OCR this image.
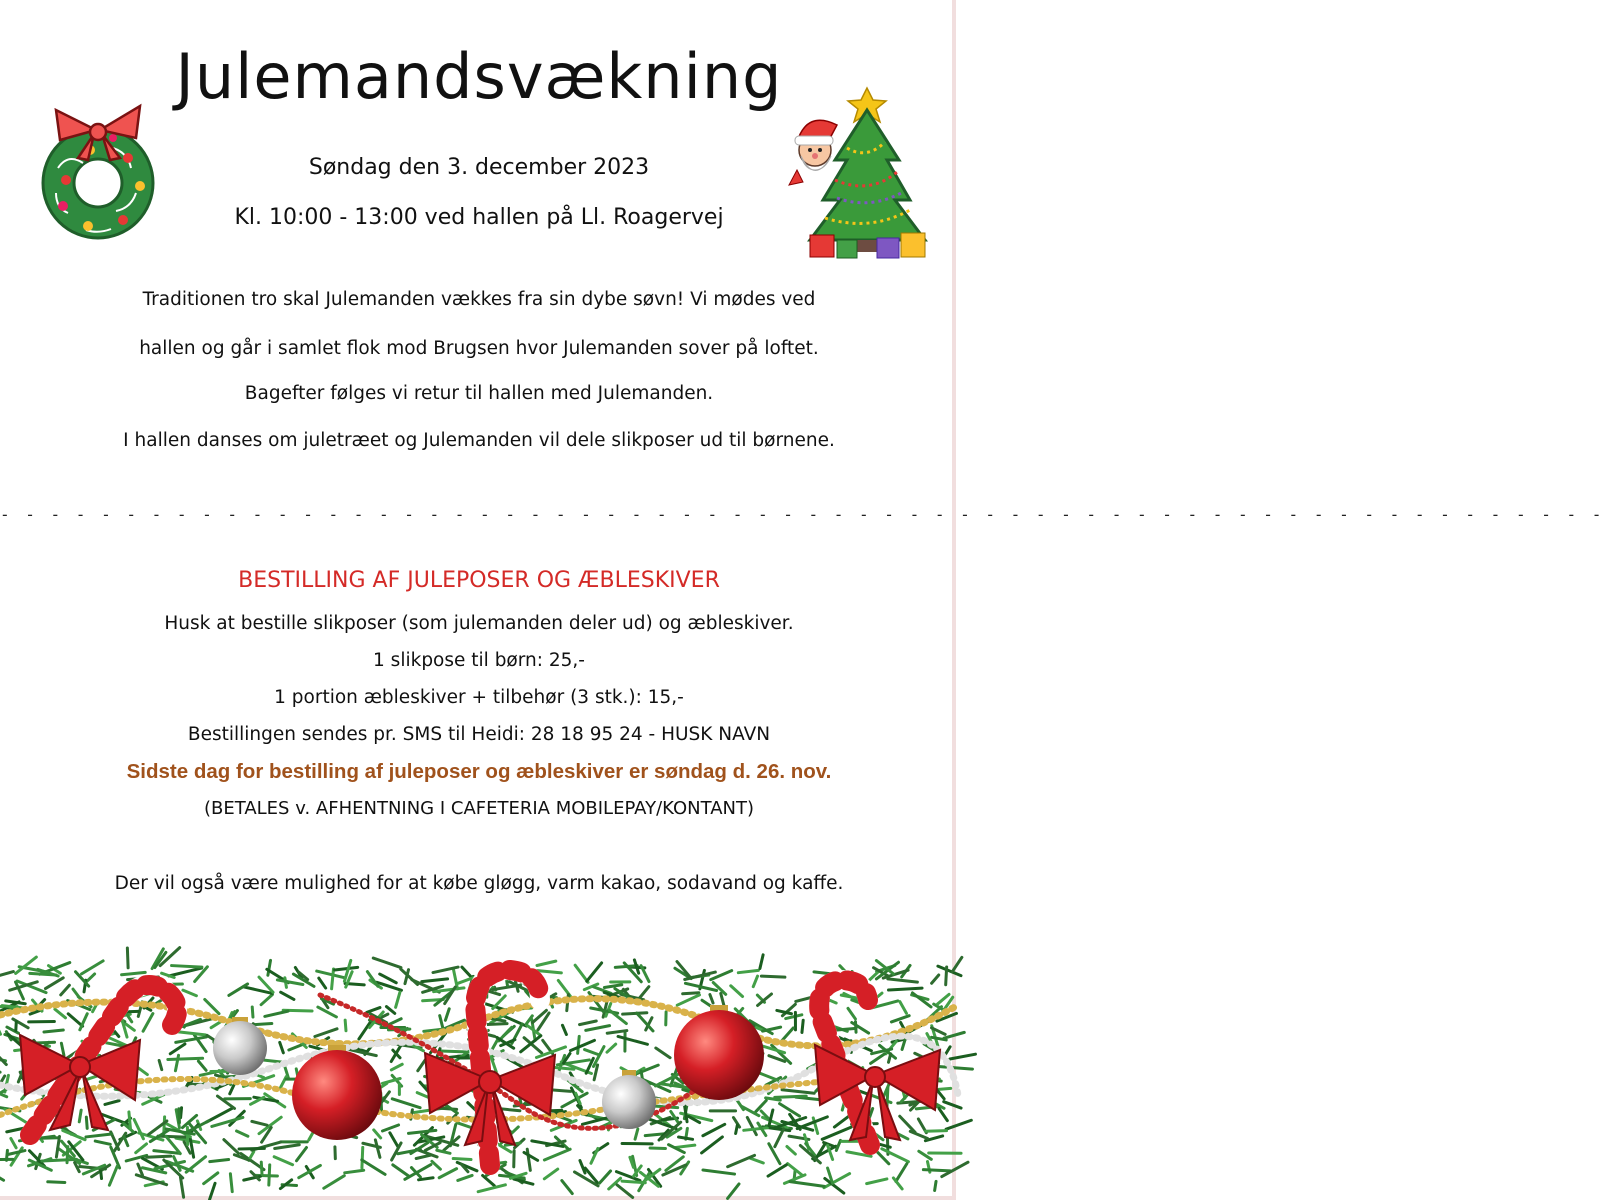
Julemandsvækning
Søndag den 3. december 2023
Kl. 10:00 - 13:00 ved hallen på Ll. Roagervej
Traditionen tro skal Julemanden vækkes fra sin dybe søvn! Vi mødes ved
hallen og går i samlet flok mod Brugsen hvor Julemanden sover på loftet.
Bagefter følges vi retur til hallen med Julemanden.
I hallen danses om juletræet og Julemanden vil dele slikposer ud til børnene.
- - - - - - - - - - - - - - - - - - - - - - - - - - - - - - - - - - - - - - - - - - - - - - - - - - - - - - - - - - - - - - - -
BESTILLING AF JULEPOSER OG ÆBLESKIVER
Husk at bestille slikposer (som julemanden deler ud) og æbleskiver.
1 slikpose til børn: 25,-
1 portion æbleskiver + tilbehør (3 stk.): 15,-
Bestillingen sendes pr. SMS til Heidi: 28 18 95 24 - HUSK NAVN
Sidste dag for bestilling af juleposer og æbleskiver er søndag d. 26. nov.
(BETALES v. AFHENTNING I CAFETERIA MOBILEPAY/KONTANT)
Der vil også være mulighed for at købe gløgg, varm kakao, sodavand og kaffe.
